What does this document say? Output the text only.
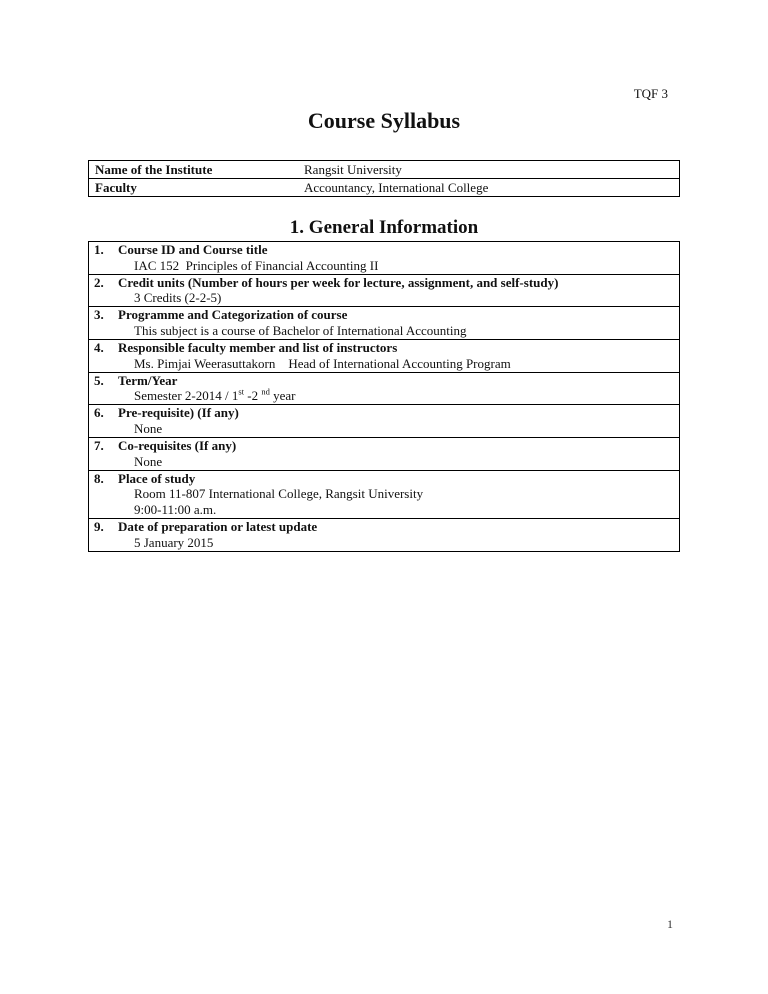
TQF 3
Course Syllabus
Name of the Institute	Rangsit University
Faculty	Accountancy, International College
1. General Information
1.	Course ID and Course title
IAC 152  Principles of Financial Accounting II
2.	Credit units (Number of hours per week for lecture, assignment, and self-study)
3 Credits (2-2-5)
3.	Programme and Categorization of course
This subject is a course of Bachelor of International Accounting
4.	Responsible faculty member and list of instructors
Ms. Pimjai Weerasuttakorn    Head of International Accounting Program
5.	Term/Year
Semester 2-2014 / 1st -2 $^{nd}$ year
6.	Pre-requisite) (If any)
None
7.	Co-requisites (If any)
None
8.	Place of study
Room 11-807 International College, Rangsit University
9:00-11:00 a.m.
9.	Date of preparation or latest update
5 January 2015
1
